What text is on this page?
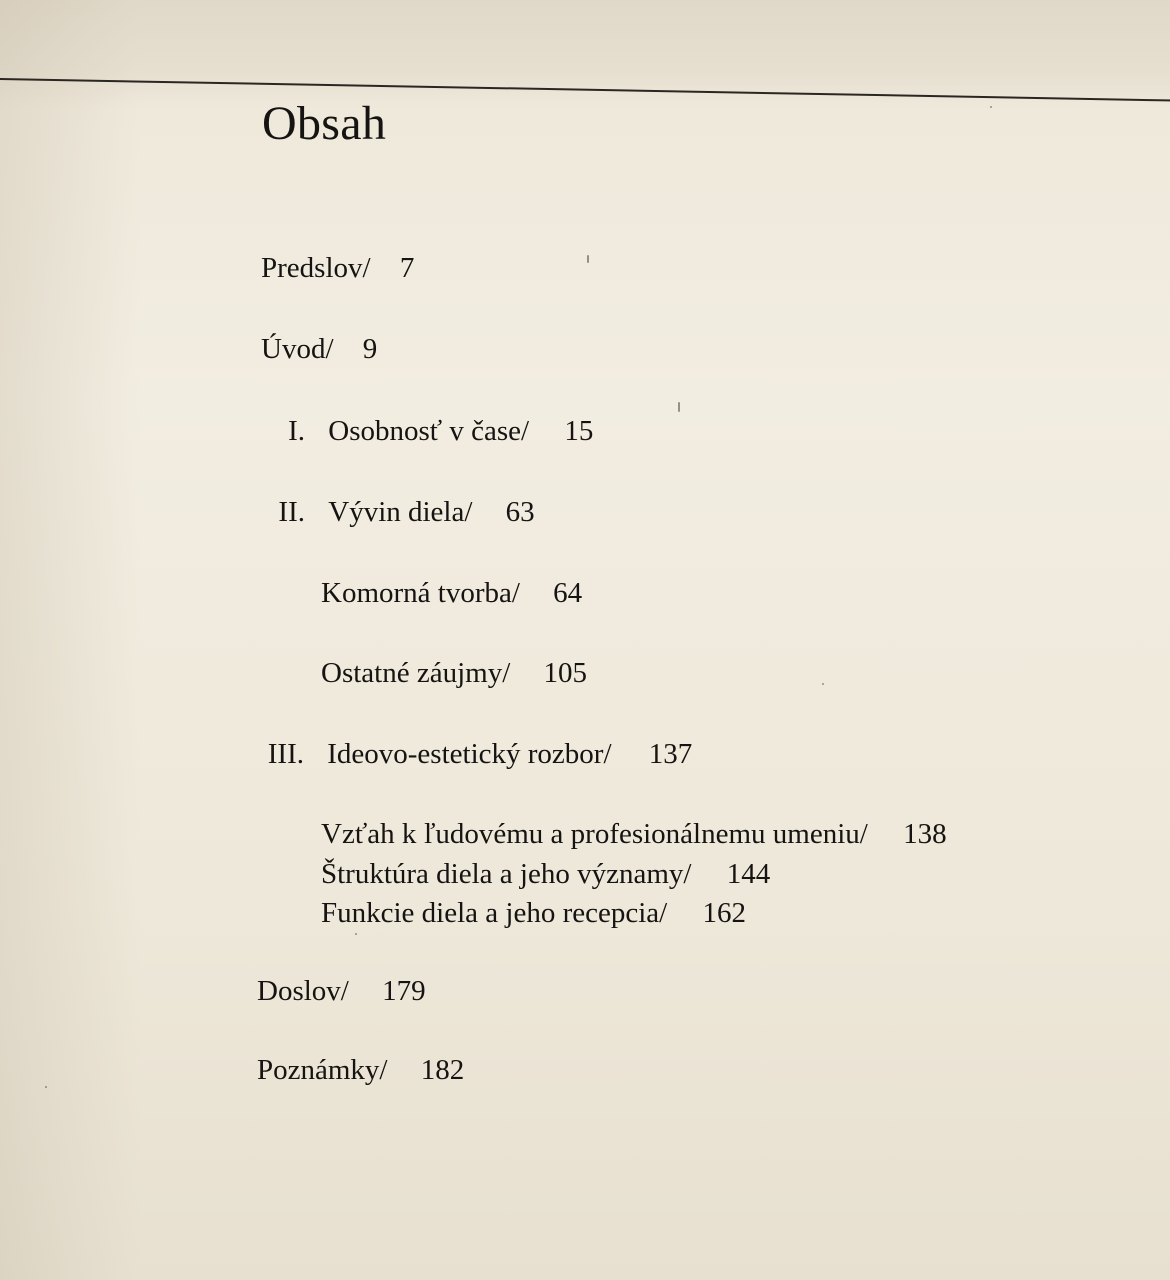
Obsah
Predslov/ 7
Úvod/ 9
I. Osobnosť v čase/ 15
II. Vývin diela/ 63
Komorná tvorba/ 64
Ostatné záujmy/ 105
III. Ideovo-estetický rozbor/ 137
Vzťah k ľudovému a profesionálnemu umeniu/ 138
Štruktúra diela a jeho významy/ 144
Funkcie diela a jeho recepcia/ 162
Doslov/ 179
Poznámky/ 182
